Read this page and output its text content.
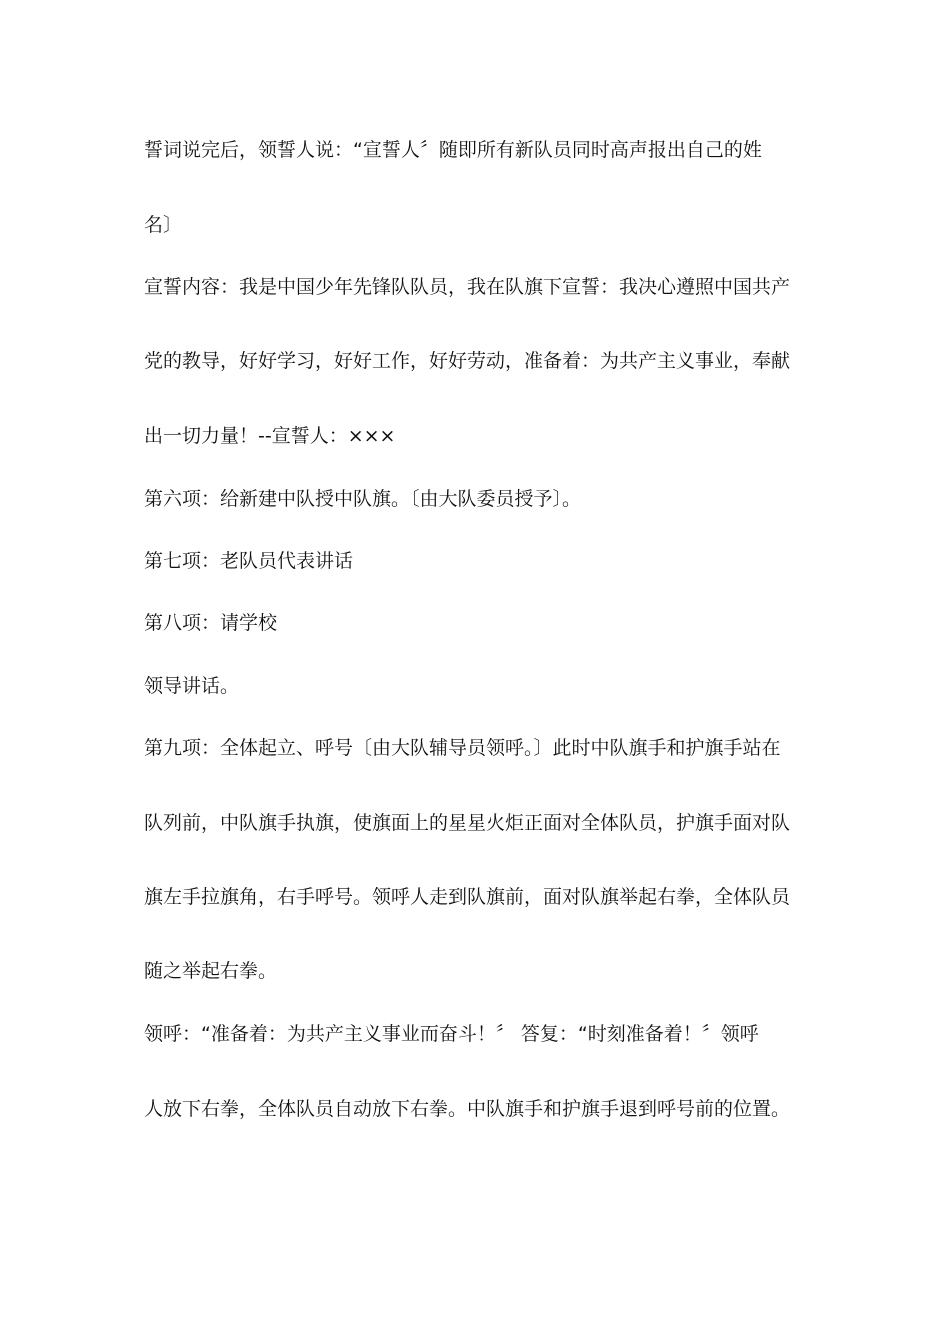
誓词说完后，领誓人说：“宣誓人〞随即所有新队员同时高声报出自己的姓

名〕

宣誓内容：我是中国少年先锋队队员，我在队旗下宣誓：我决心遵照中国共产

党的教导，好好学习，好好工作，好好劳动，准备着：为共产主义事业，奉献

出一切力量！--宣誓人：×××

第六项：给新建中队授中队旗。〔由大队委员授予〕。

第七项：老队员代表讲话

第八项：请学校

领导讲话。

第九项：全体起立、呼号〔由大队辅导员领呼。〕此时中队旗手和护旗手站在

队列前，中队旗手执旗，使旗面上的星星火炬正面对全体队员，护旗手面对队

旗左手拉旗角，右手呼号。领呼人走到队旗前，面对队旗举起右拳，全体队员

随之举起右拳。

领呼：“准备着：为共产主义事业而奋斗！〞 答复：“时刻准备着！〞领呼

人放下右拳，全体队员自动放下右拳。中队旗手和护旗手退到呼号前的位置。
